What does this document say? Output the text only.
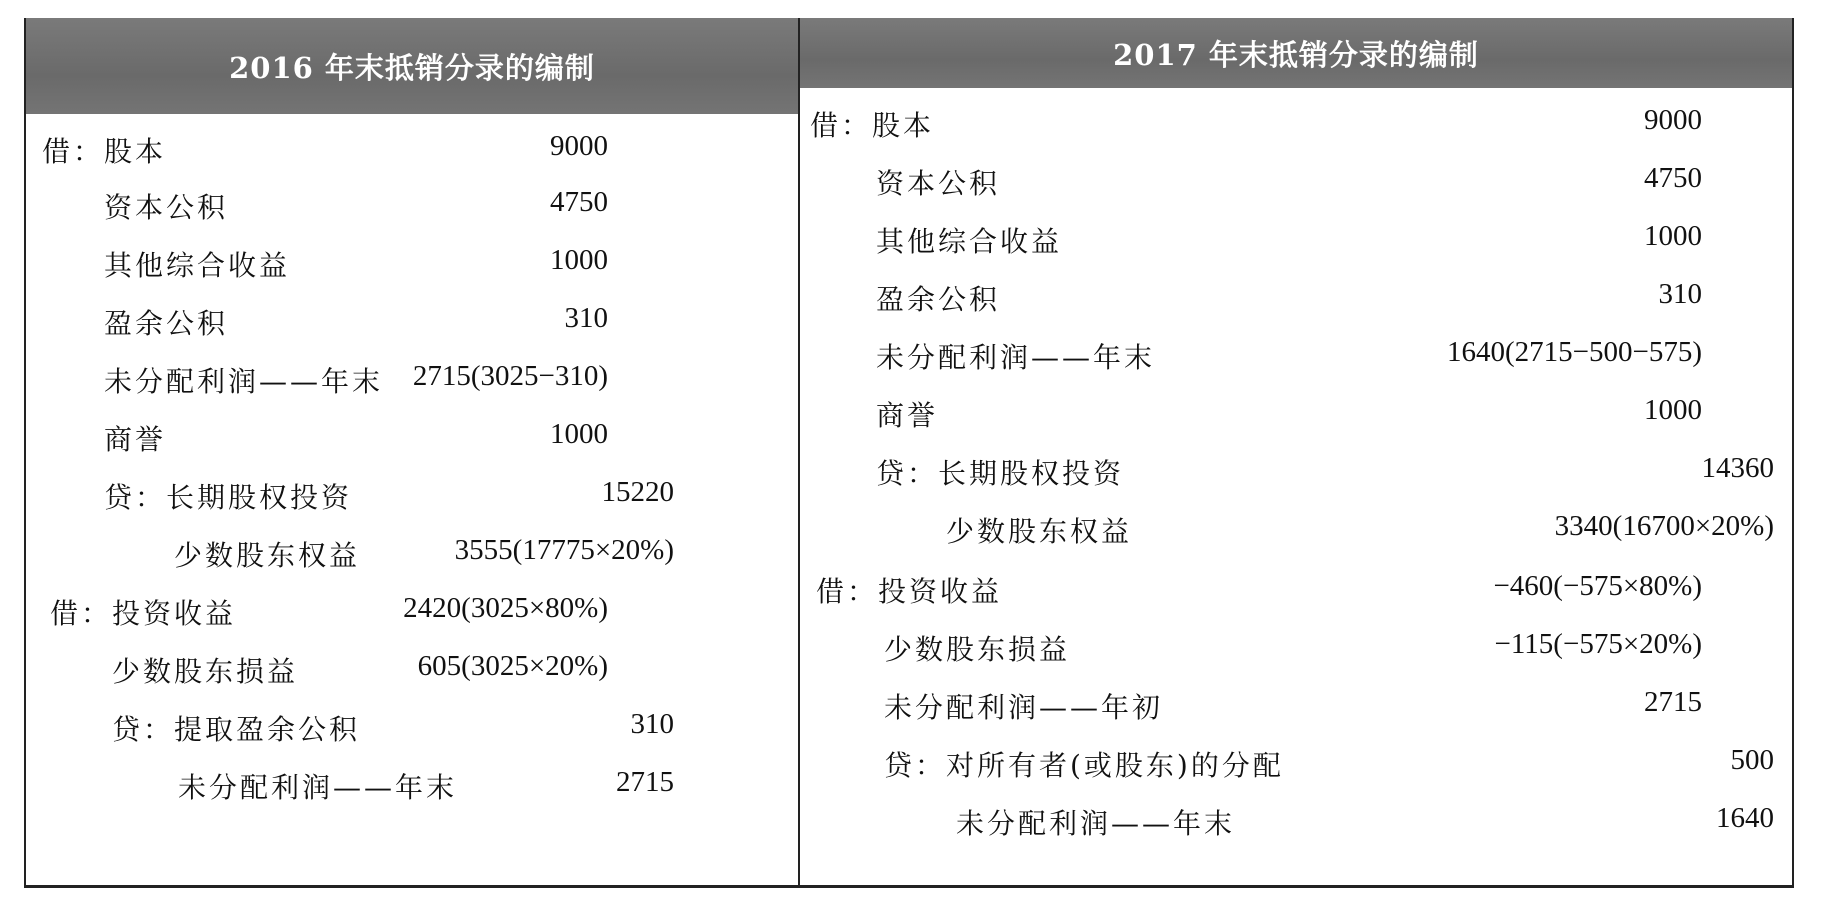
2016 年末抵销分录的编制
借：股本	9000
资本公积	4750
其他综合收益	1000
盈余公积	310
未分配利润——年末 2715(3025−310)
商誉	1000
贷：长期股权投资	15220
少数股东权益	3555(17775×20%)
借：投资收益	2420(3025×80%)
少数股东损益	605(3025×20%)
贷：提取盈余公积	310
未分配利润——年末	2715
2017 年末抵销分录的编制
借：股本	9000
资本公积	4750
其他综合收益	1000
盈余公积	310
未分配利润——年末	1640(2715−500−575)
商誉	1000
贷：长期股权投资	14360
少数股东权益	3340(16700×20%)
借：投资收益	−460(−575×80%)
少数股东损益	−115(−575×20%)
未分配利润——年初	2715
贷：对所有者(或股东)的分配	500
未分配利润——年末	1640
